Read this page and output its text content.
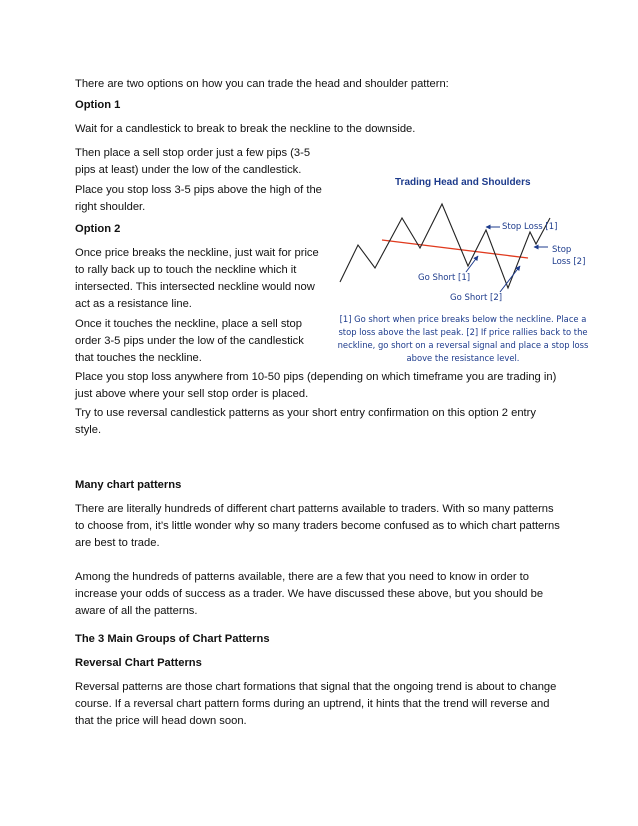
There are two options on how you can trade the head and shoulder pattern:

Option 1

Wait for a candlestick to break to break the neckline to the downside.

Then place a sell stop order just a few pips (3-5 pips at least) under the low of the candlestick.

Place you stop loss 3-5 pips above the high of the right shoulder.

Option 2

Once price breaks the neckline, just wait for price to rally back up to touch the neckline which it intersected. This intersected neckline would now act as a resistance line.

Once it touches the neckline, place a sell stop order 3-5 pips under the low of the candlestick that touches the neckline.

Place you stop loss anywhere from 10-50 pips (depending on which timeframe you are trading in) just above where your sell stop order is placed.

Try to use reversal candlestick patterns as your short entry confirmation on this option 2 entry style.

Trading Head and Shoulders
Stop Loss [1]
Stop
Loss [2]
Go Short [1]
Go Short [2]
[1] Go short when price breaks below the neckline. Place a stop loss above the last peak. [2] If price rallies back to the neckline, go short on a reversal signal and place a stop loss above the resistance level.

Many chart patterns

There are literally hundreds of different chart patterns available to traders. With so many patterns to choose from, it’s little wonder why so many traders become confused as to which chart patterns are best to trade.

Among the hundreds of patterns available, there are a few that you need to know in order to increase your odds of success as a trader. We have discussed these above, but you should be aware of all the patterns.

The 3 Main Groups of Chart Patterns

Reversal Chart Patterns

Reversal patterns are those chart formations that signal that the ongoing trend is about to change course. If a reversal chart pattern forms during an uptrend, it hints that the trend will reverse and that the price will head down soon.
